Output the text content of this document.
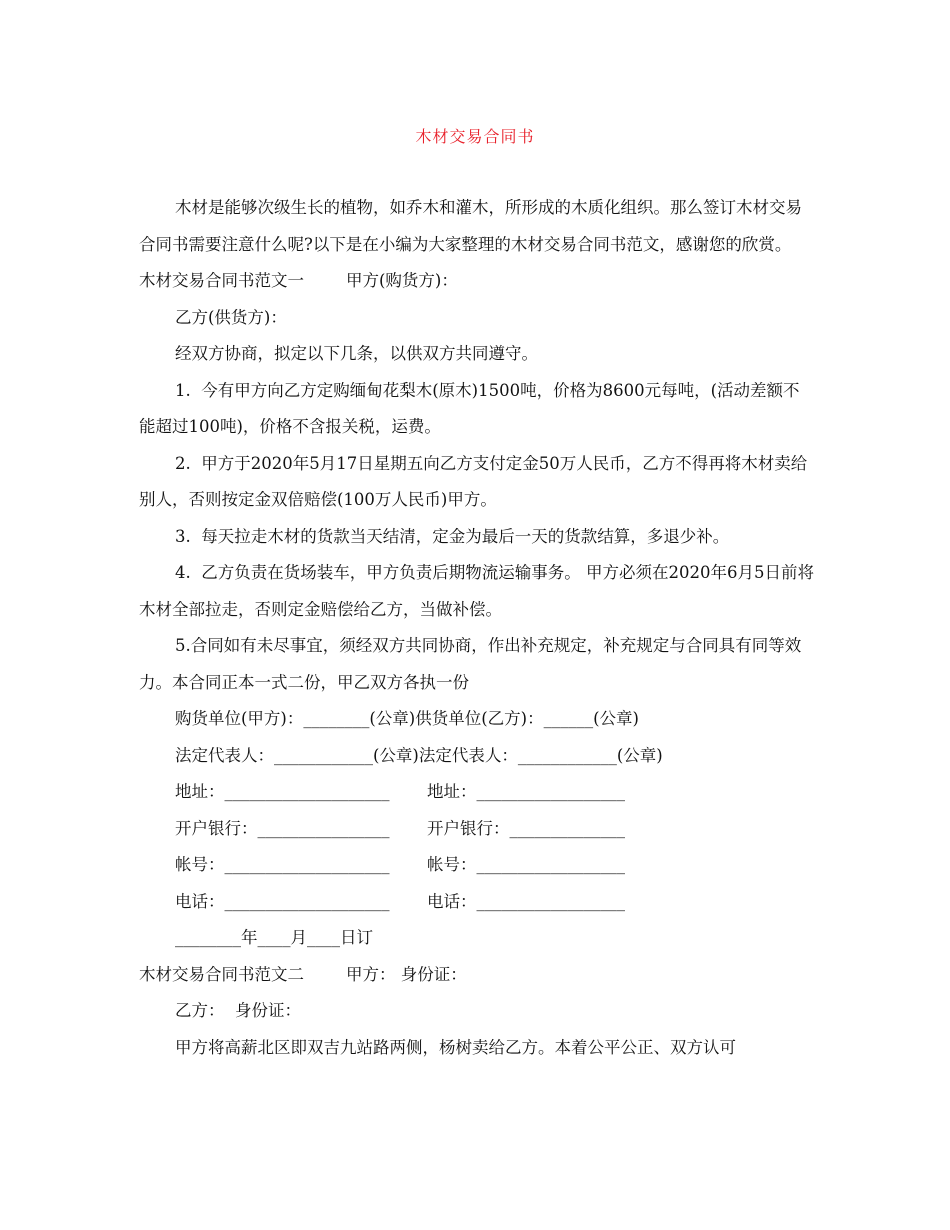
木材交易合同书

木材是能够次级生长的植物，如乔木和灌木，所形成的木质化组织。那么签订木材交易合同书需要注意什么呢?以下是在小编为大家整理的木材交易合同书范文，感谢您的欣赏。

木材交易合同书范文一	甲方(购货方)：

乙方(供货方)：

经双方协商，拟定以下几条，以供双方共同遵守。

1.  今有甲方向乙方定购缅甸花梨木(原木)1500吨，价格为8600元每吨，(活动差额不能超过100吨)，价格不含报关税，运费。

2.  甲方于2020年5月17日星期五向乙方支付定金50万人民币，乙方不得再将木材卖给别人，否则按定金双倍赔偿(100万人民币)甲方。

3.  每天拉走木材的货款当天结清，定金为最后一天的货款结算，多退少补。

4.  乙方负责在货场装车，甲方负责后期物流运输事务。 甲方必须在2020年6月5日前将木材全部拉走，否则定金赔偿给乙方，当做补偿。

5.合同如有未尽事宜，须经双方共同协商，作出补充规定，补充规定与合同具有同等效力。本合同正本一式二份，甲乙双方各执一份

购货单位(甲方)：________(公章)供货单位(乙方)：______(公章)

法定代表人：____________(公章)法定代表人：____________(公章)

地址：____________________	地址：__________________
开户银行：________________	开户银行：______________
帐号：____________________	帐号：__________________
电话：____________________	电话：__________________

________年____月____日订

木材交易合同书范文二	甲方： 身份证：

乙方：  身份证：

甲方将高薪北区即双吉九站路两侧，杨树卖给乙方。本着公平公正、双方认可
